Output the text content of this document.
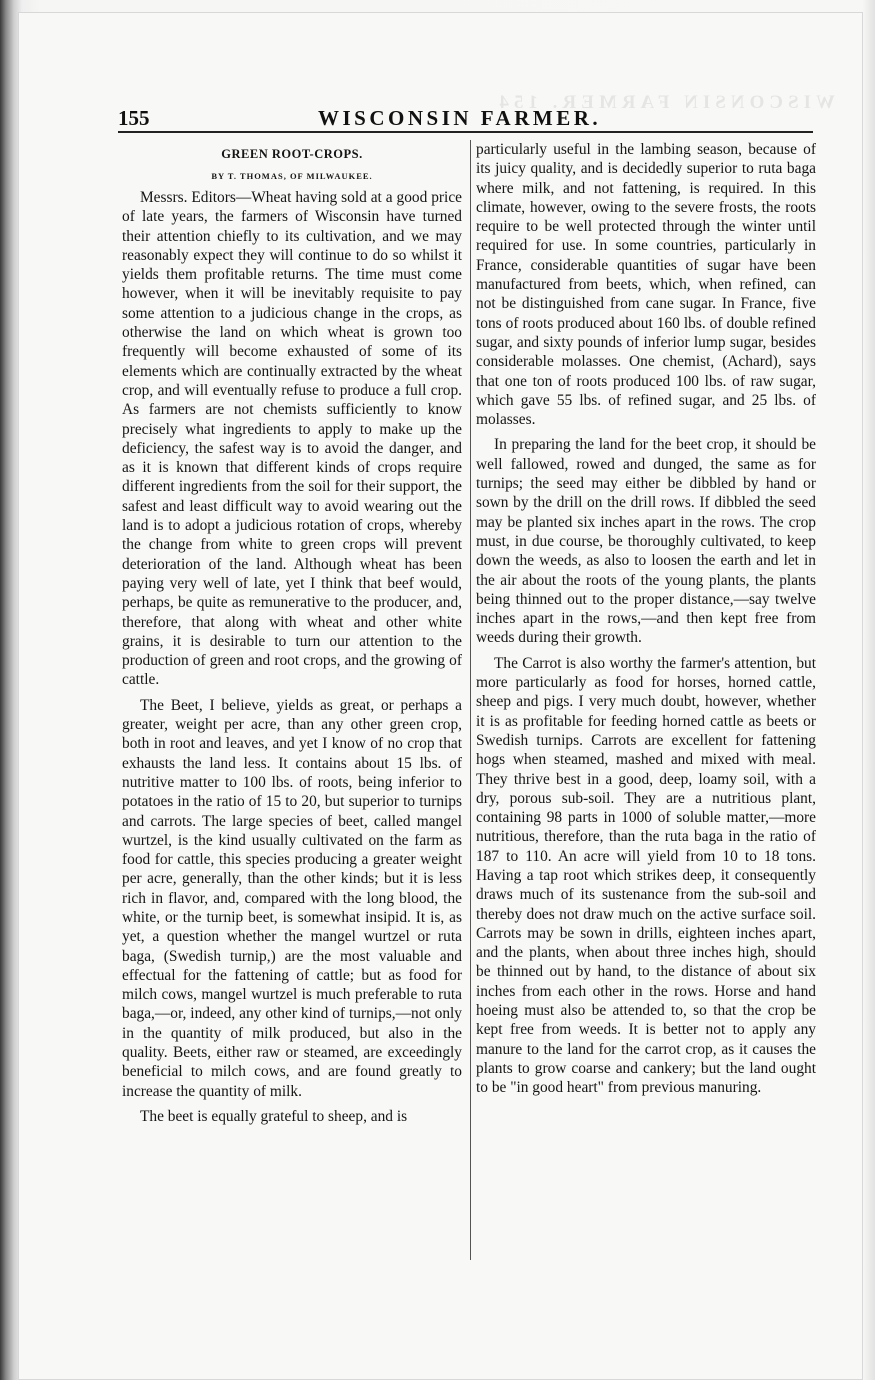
WISCONSIN FARMER. 154
155	WISCONSIN FARMER.
GREEN ROOT-CROPS.
BY T. THOMAS, OF MILWAUKEE.

Messrs. Editors—Wheat having sold at a good price of late years, the farmers of Wisconsin have turned their attention chiefly to its cultivation, and we may reasonably expect they will continue to do so whilst it yields them profitable returns. The time must come however, when it will be inevitably requisite to pay some attention to a judicious change in the crops, as otherwise the land on which wheat is grown too frequently will become exhausted of some of its elements which are continually extracted by the wheat crop, and will eventually refuse to produce a full crop. As farmers are not chemists sufficiently to know precisely what ingredients to apply to make up the deficiency, the safest way is to avoid the danger, and as it is known that different kinds of crops require different ingredients from the soil for their support, the safest and least difficult way to avoid wearing out the land is to adopt a judicious rotation of crops, whereby the change from white to green crops will prevent deterioration of the land. Although wheat has been paying very well of late, yet I think that beef would, perhaps, be quite as remunerative to the producer, and, therefore, that along with wheat and other white grains, it is desirable to turn our attention to the production of green and root crops, and the growing of cattle.

The Beet, I believe, yields as great, or perhaps a greater, weight per acre, than any other green crop, both in root and leaves, and yet I know of no crop that exhausts the land less. It contains about 15 lbs. of nutritive matter to 100 lbs. of roots, being inferior to potatoes in the ratio of 15 to 20, but superior to turnips and carrots. The large species of beet, called mangel wurtzel, is the kind usually cultivated on the farm as food for cattle, this species producing a greater weight per acre, generally, than the other kinds; but it is less rich in flavor, and, compared with the long blood, the white, or the turnip beet, is somewhat insipid. It is, as yet, a question whether the mangel wurtzel or ruta baga, (Swedish turnip,) are the most valuable and effectual for the fattening of cattle; but as food for milch cows, mangel wurtzel is much preferable to ruta baga,—or, indeed, any other kind of turnips,—not only in the quantity of milk produced, but also in the quality. Beets, either raw or steamed, are exceedingly beneficial to milch cows, and are found greatly to increase the quantity of milk.

The beet is equally grateful to sheep, and is

particularly useful in the lambing season, because of its juicy quality, and is decidedly superior to ruta baga where milk, and not fattening, is required. In this climate, however, owing to the severe frosts, the roots require to be well protected through the winter until required for use. In some countries, particularly in France, considerable quantities of sugar have been manufactured from beets, which, when refined, can not be distinguished from cane sugar. In France, five tons of roots produced about 160 lbs. of double refined sugar, and sixty pounds of inferior lump sugar, besides considerable molasses. One chemist, (Achard), says that one ton of roots produced 100 lbs. of raw sugar, which gave 55 lbs. of refined sugar, and 25 lbs. of molasses.

In preparing the land for the beet crop, it should be well fallowed, rowed and dunged, the same as for turnips; the seed may either be dibbled by hand or sown by the drill on the drill rows. If dibbled the seed may be planted six inches apart in the rows. The crop must, in due course, be thoroughly cultivated, to keep down the weeds, as also to loosen the earth and let in the air about the roots of the young plants, the plants being thinned out to the proper distance,—say twelve inches apart in the rows,—and then kept free from weeds during their growth.

The Carrot is also worthy the farmer's attention, but more particularly as food for horses, horned cattle, sheep and pigs. I very much doubt, however, whether it is as profitable for feeding horned cattle as beets or Swedish turnips. Carrots are excellent for fattening hogs when steamed, mashed and mixed with meal. They thrive best in a good, deep, loamy soil, with a dry, porous sub-soil. They are a nutritious plant, containing 98 parts in 1000 of soluble matter,—more nutritious, therefore, than the ruta baga in the ratio of 187 to 110. An acre will yield from 10 to 18 tons. Having a tap root which strikes deep, it consequently draws much of its sustenance from the sub-soil and thereby does not draw much on the active surface soil. Carrots may be sown in drills, eighteen inches apart, and the plants, when about three inches high, should be thinned out by hand, to the distance of about six inches from each other in the rows. Horse and hand hoeing must also be attended to, so that the crop be kept free from weeds. It is better not to apply any manure to the land for the carrot crop, as it causes the plants to grow coarse and cankery; but the land ought to be "in good heart" from previous manuring.
